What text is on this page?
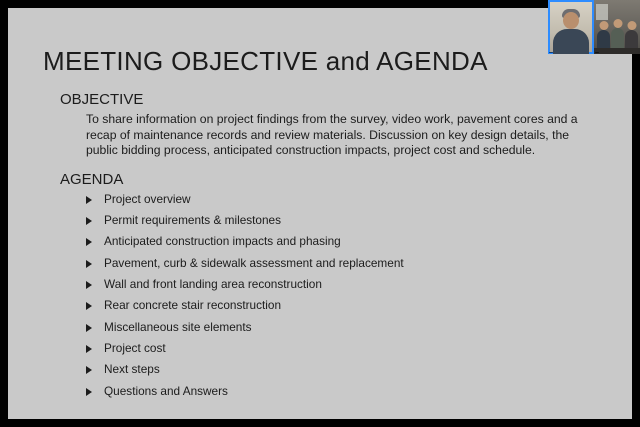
MEETING OBJECTIVE and AGENDA
OBJECTIVE

To share information on project findings from the survey, video work, pavement cores and a recap of maintenance records and review materials. Discussion on key design details, the public bidding process, anticipated construction impacts, project cost and schedule.

AGENDA
Project overview
Permit requirements & milestones
Anticipated construction impacts and phasing
Pavement, curb & sidewalk assessment and replacement
Wall and front landing area reconstruction
Rear concrete stair reconstruction
Miscellaneous site elements
Project cost
Next steps
Questions and Answers
